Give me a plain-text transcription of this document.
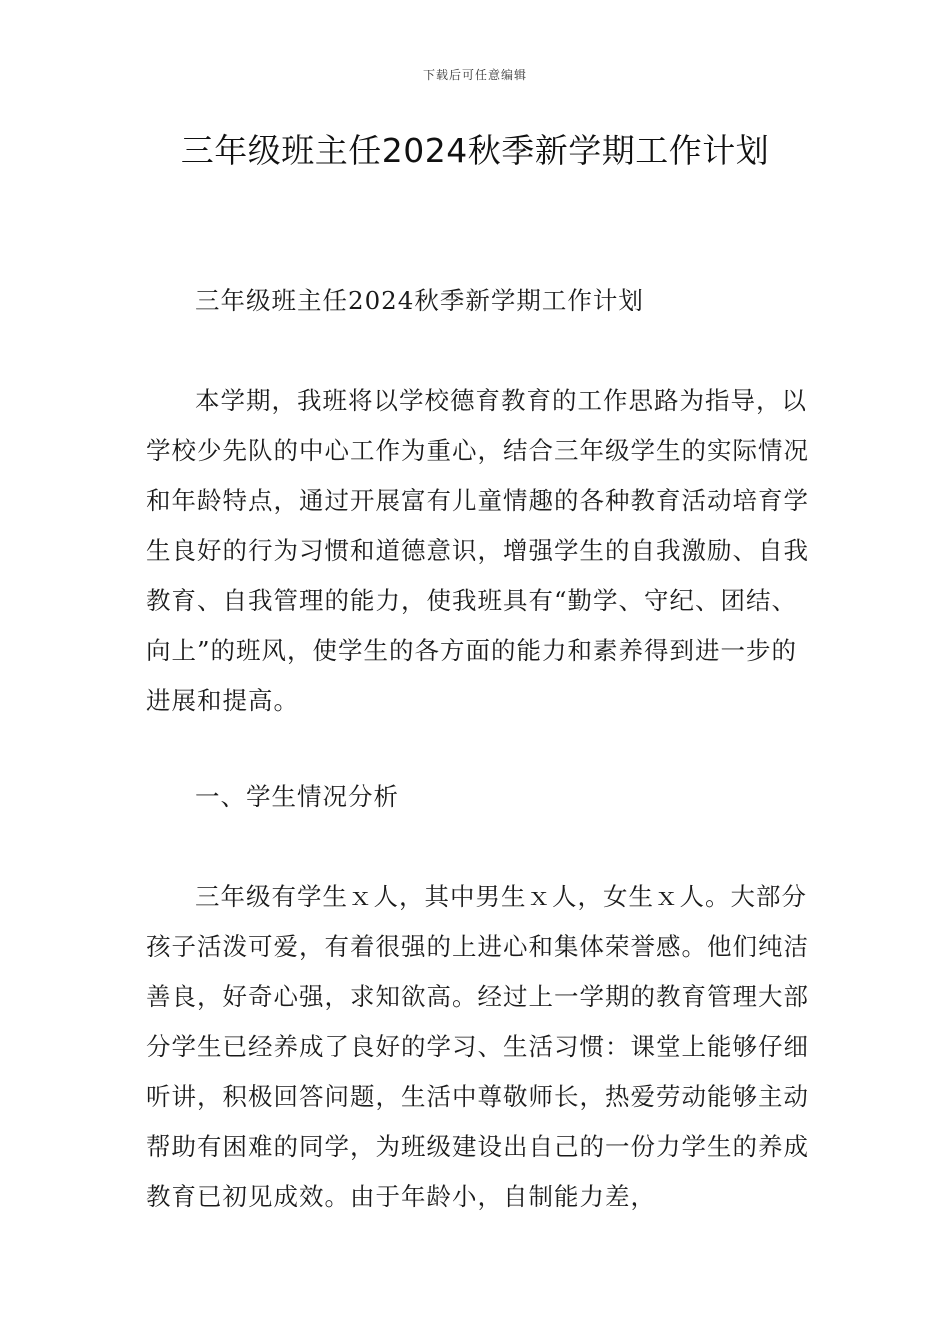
下载后可任意编辑
三年级班主任2024秋季新学期工作计划

三年级班主任2024秋季新学期工作计划

本学期，我班将以学校德育教育的工作思路为指导，以学校少先队的中心工作为重心，结合三年级学生的实际情况和年龄特点，通过开展富有儿童情趣的各种教育活动培育学生良好的行为习惯和道德意识，增强学生的自我激励、自我教育、自我管理的能力，使我班具有“勤学、守纪、团结、向上”的班风，使学生的各方面的能力和素养得到进一步的进展和提高。

一、学生情况分析

三年级有学生ｘ人，其中男生ｘ人，女生ｘ人。大部分孩子活泼可爱，有着很强的上进心和集体荣誉感。他们纯洁善良，好奇心强，求知欲高。经过上一学期的教育管理大部分学生已经养成了良好的学习、生活习惯：课堂上能够仔细听讲，积极回答问题，生活中尊敬师长，热爱劳动能够主动帮助有困难的同学，为班级建设出自己的一份力学生的养成教育已初见成效。由于年龄小，自制能力差，
